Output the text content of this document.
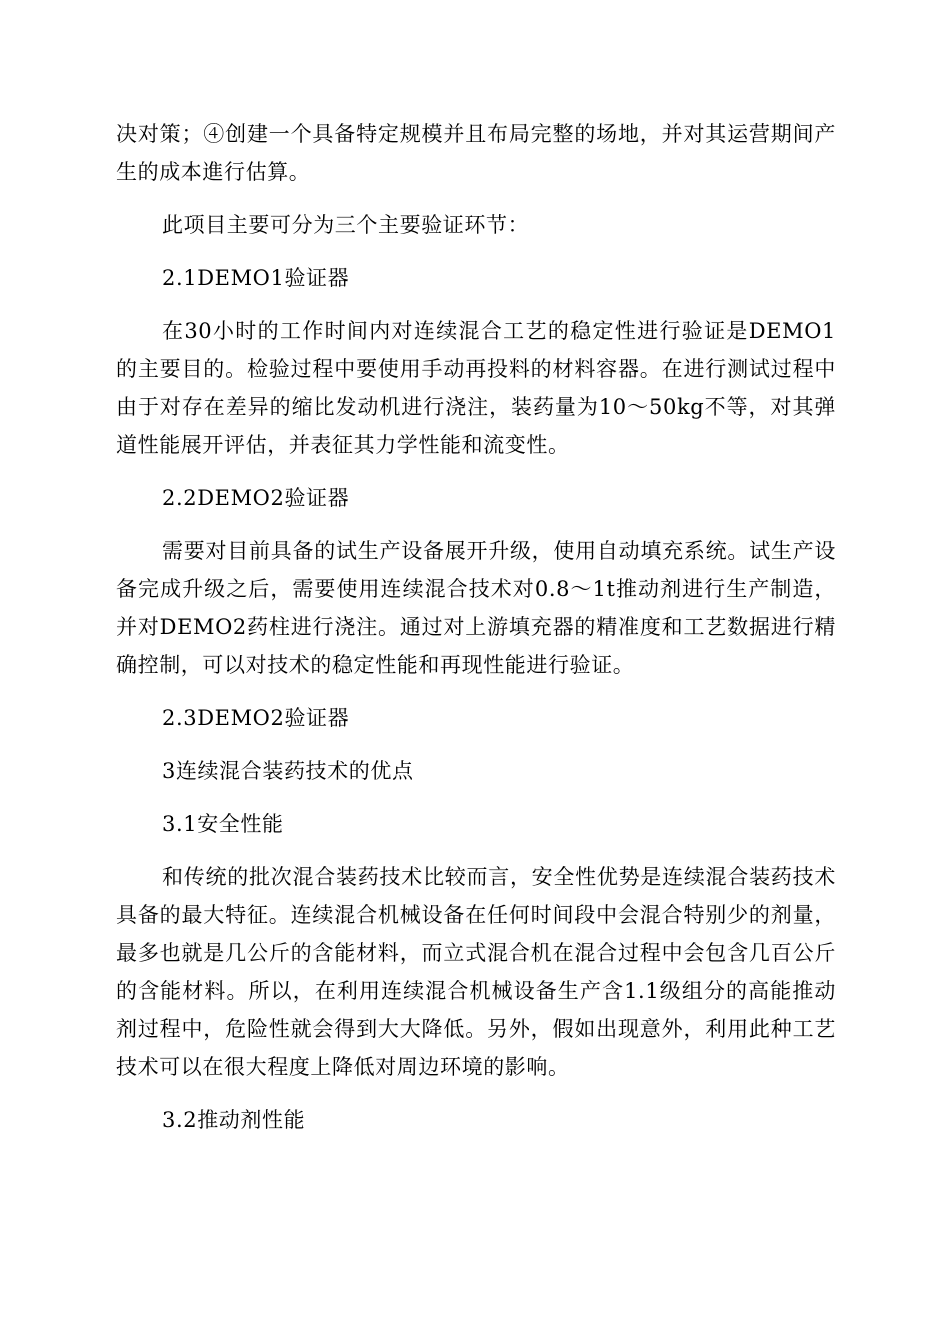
决对策；④创建一个具备特定规模并且布局完整的场地，并对其运营期间产生的成本進行估算。

此项目主要可分为三个主要验证环节：

2.1DEMO1验证器

在30小时的工作时间内对连续混合工艺的稳定性进行验证是DEMO1的主要目的。检验过程中要使用手动再投料的材料容器。在进行测试过程中由于对存在差异的缩比发动机进行浇注，装药量为10～50kg不等，对其弹道性能展开评估，并表征其力学性能和流变性。

2.2DEMO2验证器

需要对目前具备的试生产设备展开升级，使用自动填充系统。试生产设备完成升级之后，需要使用连续混合技术对0.8～1t推动剂进行生产制造，并对DEMO2药柱进行浇注。通过对上游填充器的精准度和工艺数据进行精确控制，可以对技术的稳定性能和再现性能进行验证。

2.3DEMO2验证器

3连续混合装药技术的优点

3.1安全性能

和传统的批次混合装药技术比较而言，安全性优势是连续混合装药技术具备的最大特征。连续混合机械设备在任何时间段中会混合特别少的剂量，最多也就是几公斤的含能材料，而立式混合机在混合过程中会包含几百公斤的含能材料。所以，在利用连续混合机械设备生产含1.1级组分的高能推动剂过程中，危险性就会得到大大降低。另外，假如出现意外，利用此种工艺技术可以在很大程度上降低对周边环境的影响。

3.2推动剂性能
